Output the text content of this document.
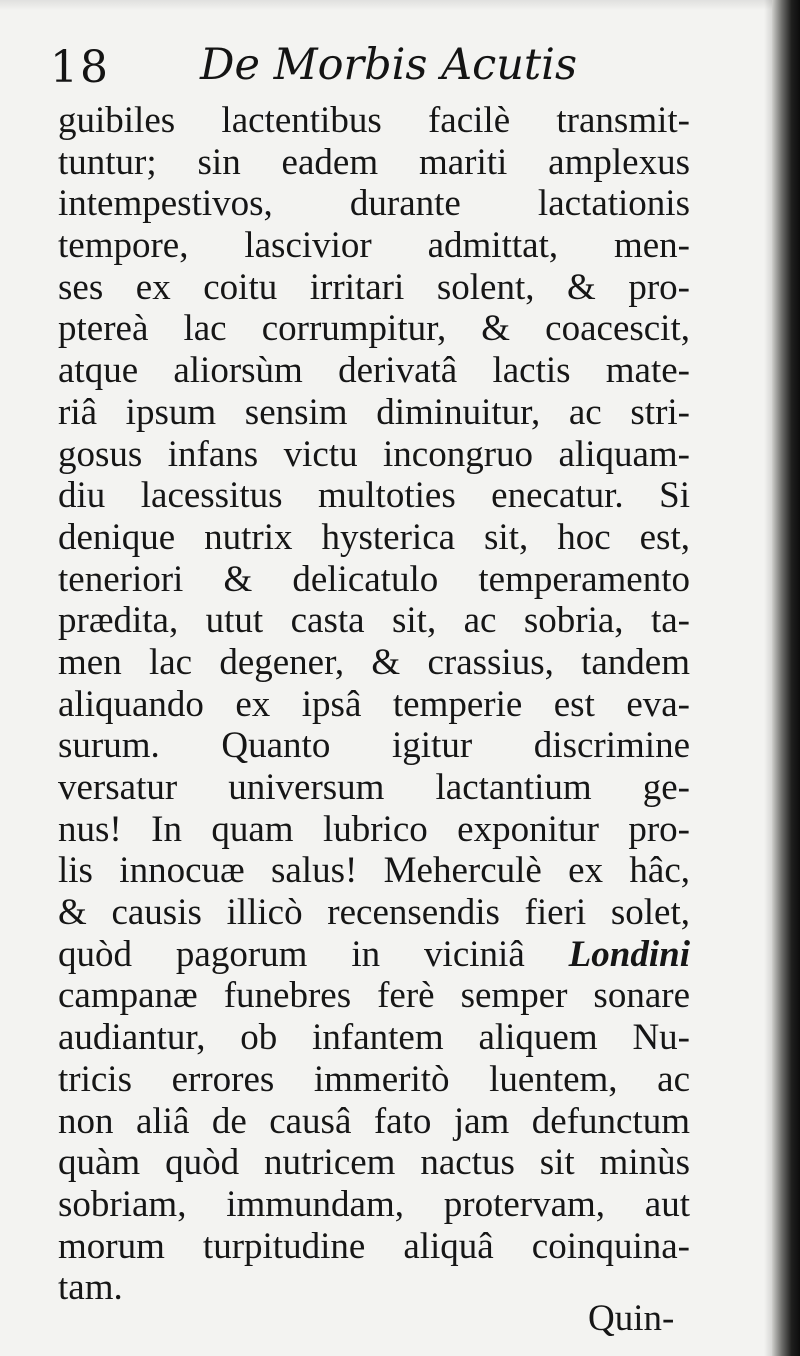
18 De Morbis Acutis
guibiles lactentibus facilè transmit-
tuntur; sin eadem mariti amplexus
intempestivos, durante lactationis
tempore, lascivior admittat, men-
ses ex coitu irritari solent, & pro-
ptereà lac corrumpitur, & coacescit,
atque aliorsùm derivatâ lactis mate-
riâ ipsum sensim diminuitur, ac stri-
gosus infans victu incongruo aliquam-
diu lacessitus multoties enecatur. Si
denique nutrix hysterica sit, hoc est,
teneriori & delicatulo temperamento
prædita, utut casta sit, ac sobria, ta-
men lac degener, & crassius, tandem
aliquando ex ipsâ temperie est eva-
surum. Quanto igitur discrimine
versatur universum lactantium ge-
nus! In quam lubrico exponitur pro-
lis innocuæ salus! Meherculè ex hâc,
& causis illicò recensendis fieri solet,
quòd pagorum in viciniâ Londini
campanæ funebres ferè semper sonare
audiantur, ob infantem aliquem Nu-
tricis errores immeritò luentem, ac
non aliâ de causâ fato jam defunctum
quàm quòd nutricem nactus sit minùs
sobriam, immundam, protervam, aut
morum turpitudine aliquâ coinquina-
tam.
Quin-
